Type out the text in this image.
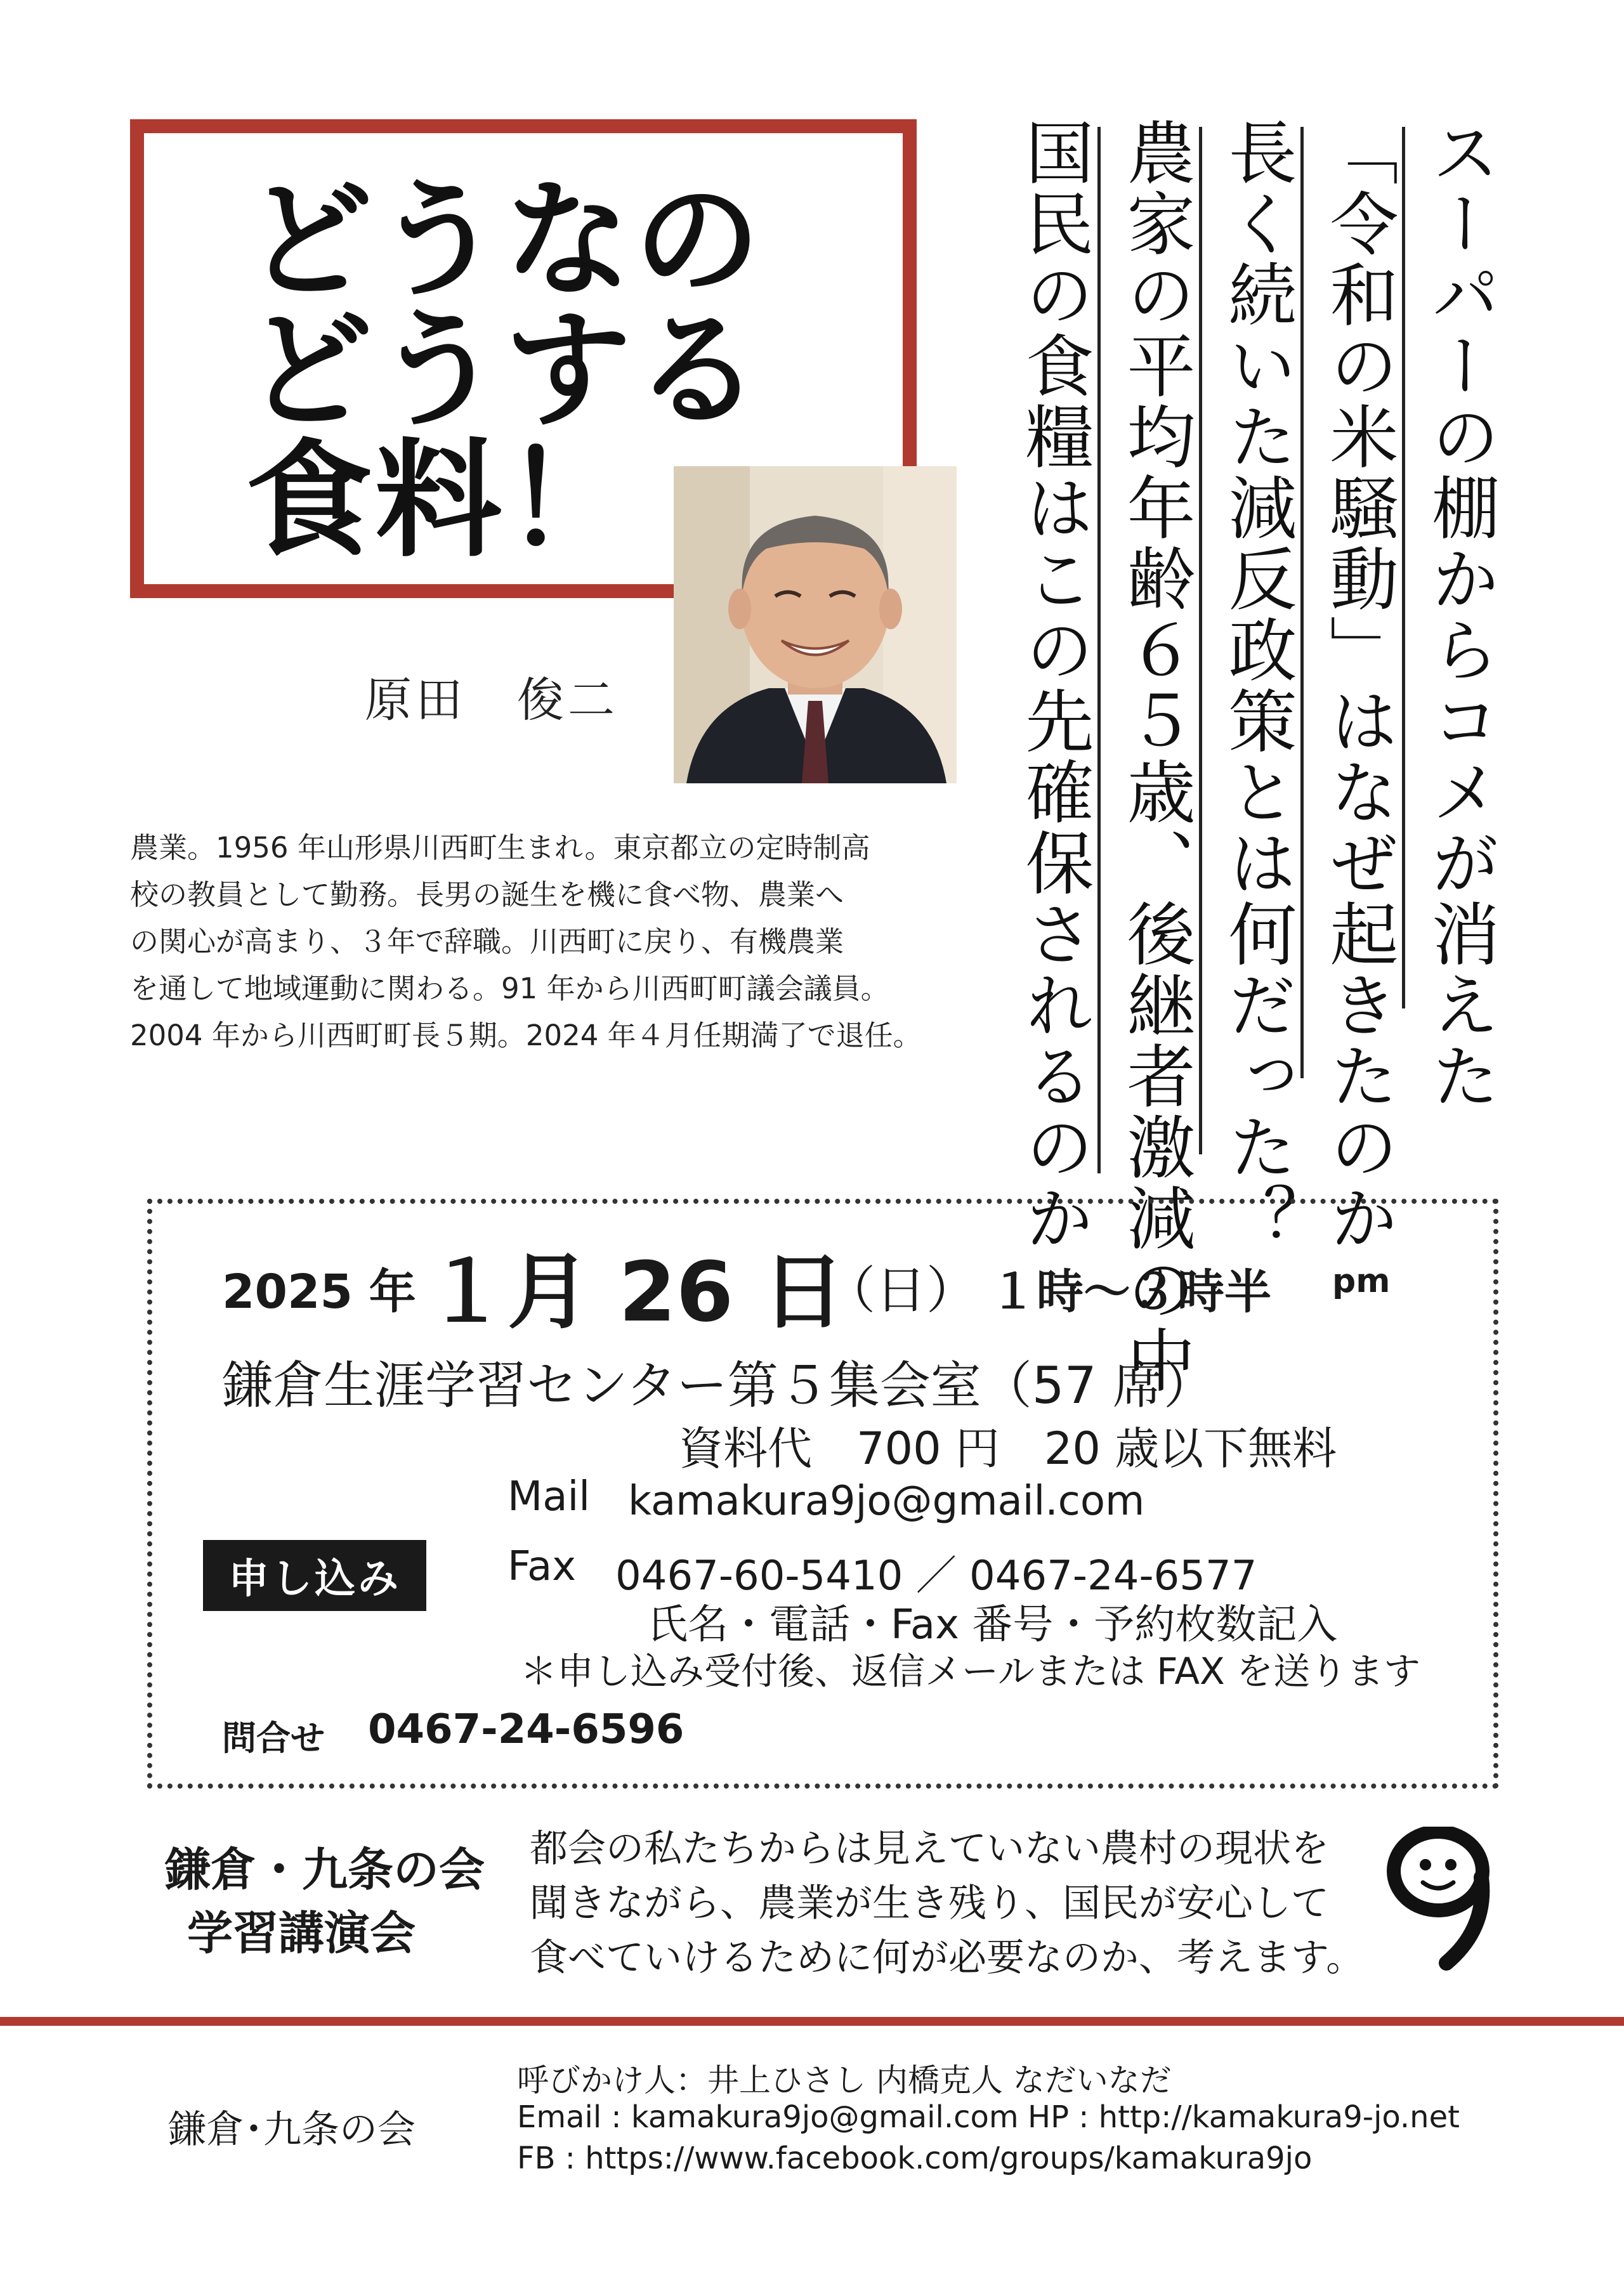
どうなの
どうする
食料！
原田　俊二
農業。1956 年山形県川西町生まれ。東京都立の定時制高
校の教員として勤務。長男の誕生を機に食べ物、農業へ
の関心が高まり、３年で辞職。川西町に戻り、有機農業
を通して地域運動に関わる。91 年から川西町町議会議員。
2004 年から川西町町長５期。2024 年４月任期満了で退任。	スーパーの棚からコメが消えた
「令和の米騒動」はなぜ起きたのか
長く続いた減反政策とは何だった？
農家の平均年齢６５歳、後継者激減の中
国民の食糧はこの先確保されるのか
2025 年 １月 26 日
（日） １時～３時半 pm
鎌倉生涯学習センター第５集会室（57 席）
資料代　700 円　20 歳以下無料
Mail kamakura9jo@gmail.com
申し込み	Fax 0467-60-5410 ／ 0467-24-6577
氏名・電話・Fax 番号・予約枚数記入
＊申し込み受付後、返信メールまたは FAX を送ります
問合せ 0467-24-6596
鎌倉・九条の会
学習講演会
都会の私たちからは見えていない農村の現状を
聞きながら、農業が生き残り、国民が安心して
食べていけるために何が必要なのか、考えます。
鎌倉･九条の会
呼びかけ人：井上ひさし 内橋克人 なだいなだ
Email : kamakura9jo@gmail.com HP : http://kamakura9-jo.net
FB : https://www.facebook.com/groups/kamakura9jo
